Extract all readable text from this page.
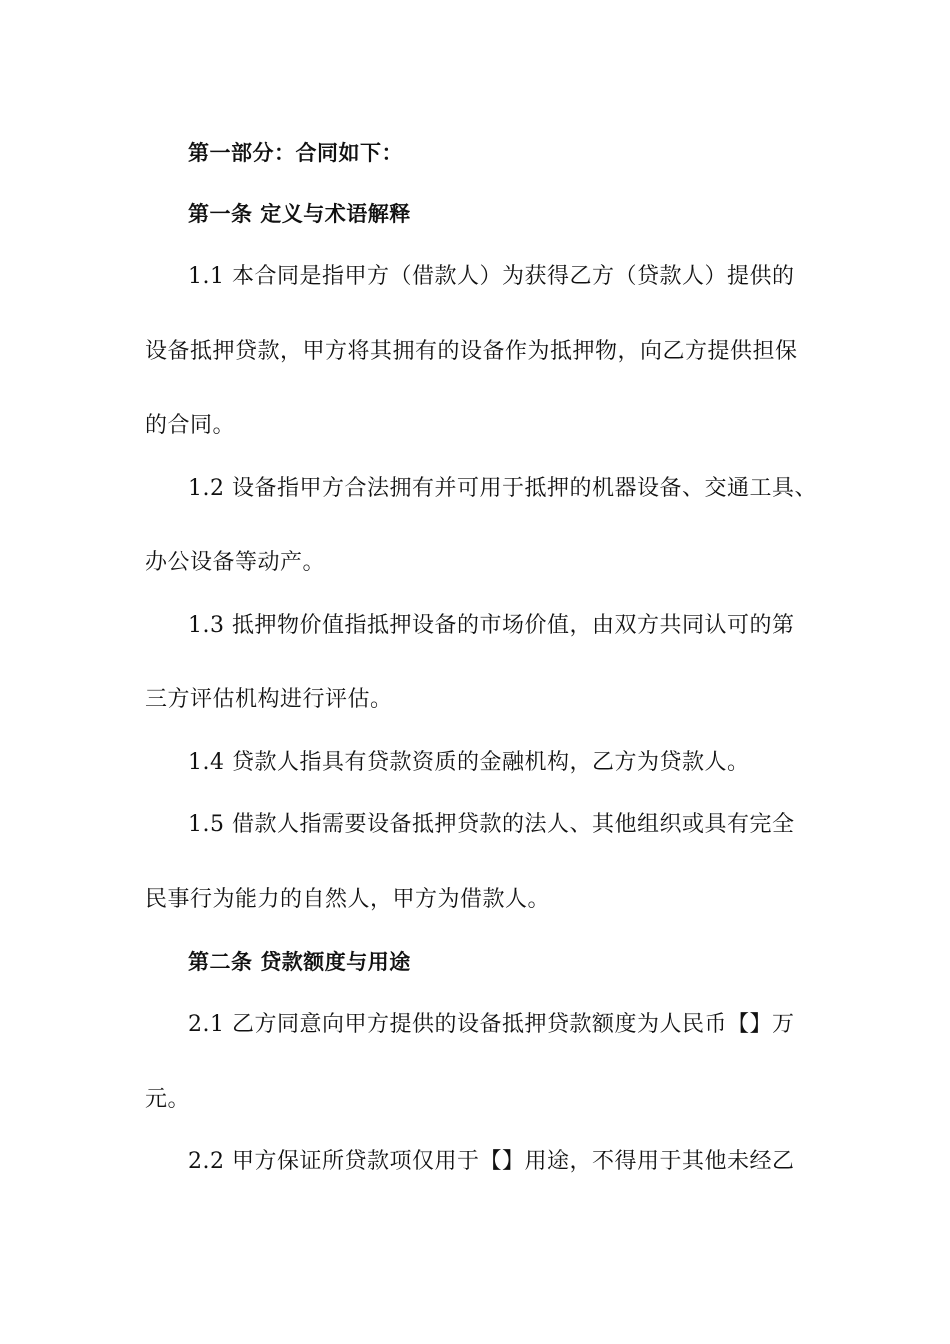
第一部分：合同如下：
第一条 定义与术语解释
1.1 本合同是指甲方（借款人）为获得乙方（贷款人）提供的
设备抵押贷款，甲方将其拥有的设备作为抵押物，向乙方提供担保
的合同。
1.2 设备指甲方合法拥有并可用于抵押的机器设备、交通工具、
办公设备等动产。
1.3 抵押物价值指抵押设备的市场价值，由双方共同认可的第
三方评估机构进行评估。
1.4 贷款人指具有贷款资质的金融机构，乙方为贷款人。
1.5 借款人指需要设备抵押贷款的法人、其他组织或具有完全
民事行为能力的自然人，甲方为借款人。
第二条 贷款额度与用途
2.1 乙方同意向甲方提供的设备抵押贷款额度为人民币【】万
元。
2.2 甲方保证所贷款项仅用于【】用途，不得用于其他未经乙
